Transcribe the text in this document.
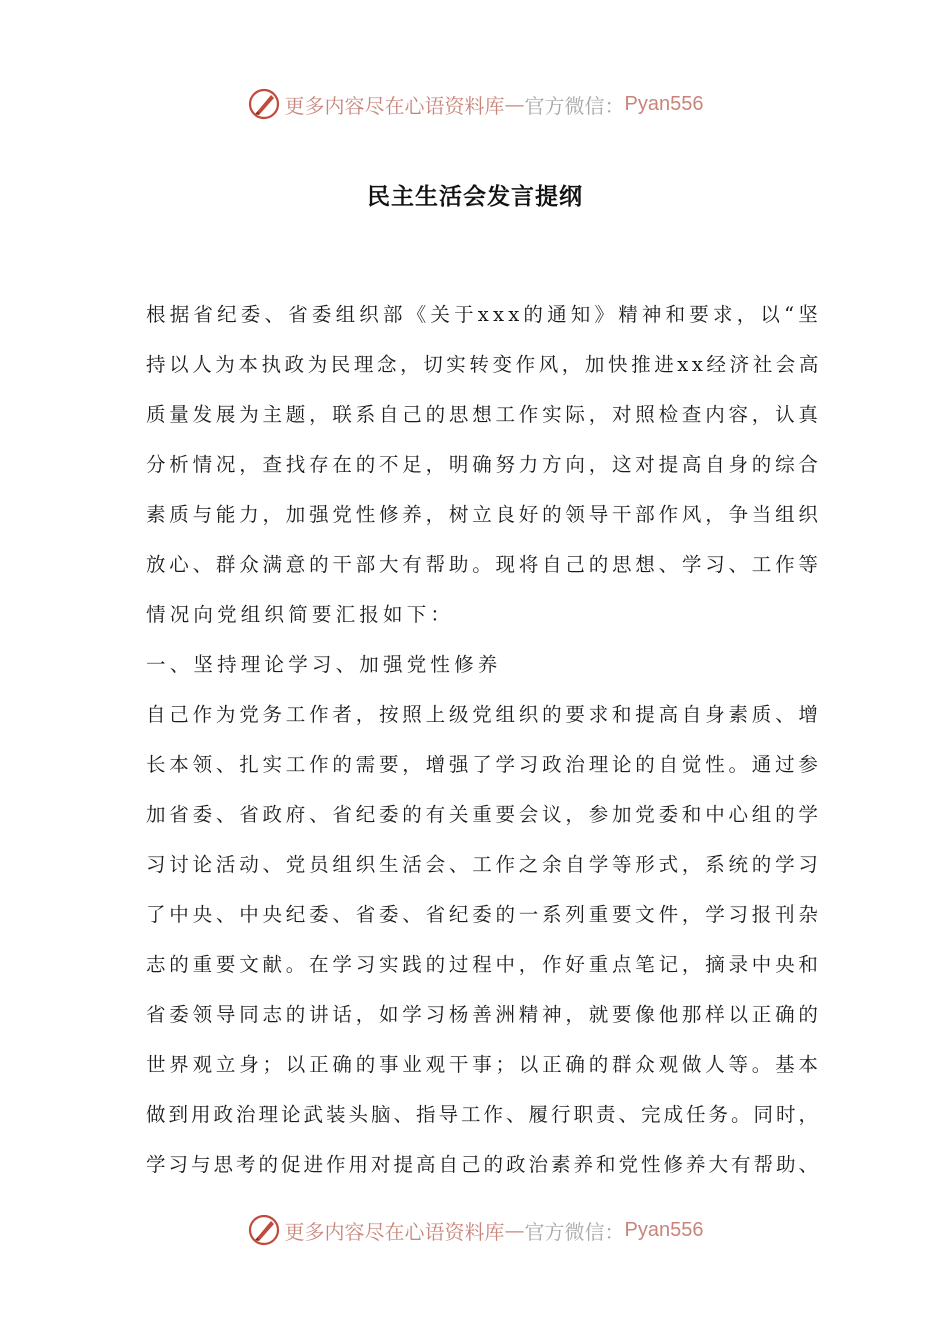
更多内容尽在心语资料库 — 官方微信： Pyan556
民主生活会发言提纲
根据省纪委、省委组织部《关于xxx的通知》精神和要求，以“坚
持以人为本执政为民理念，切实转变作风，加快推进xx经济社会高
质量发展为主题，联系自己的思想工作实际，对照检查内容，认真
分析情况，查找存在的不足，明确努力方向，这对提高自身的综合
素质与能力，加强党性修养，树立良好的领导干部作风，争当组织
放心、群众满意的干部大有帮助。现将自己的思想、学习、工作等
情况向党组织简要汇报如下：
一、坚持理论学习、加强党性修养
自己作为党务工作者，按照上级党组织的要求和提高自身素质、增
长本领、扎实工作的需要，增强了学习政治理论的自觉性。通过参
加省委、省政府、省纪委的有关重要会议，参加党委和中心组的学
习讨论活动、党员组织生活会、工作之余自学等形式，系统的学习
了中央、中央纪委、省委、省纪委的一系列重要文件，学习报刊杂
志的重要文献。在学习实践的过程中，作好重点笔记，摘录中央和
省委领导同志的讲话，如学习杨善洲精神，就要像他那样以正确的
世界观立身；以正确的事业观干事；以正确的群众观做人等。基本
做到用政治理论武装头脑、指导工作、履行职责、完成任务。同时，
学习与思考的促进作用对提高自己的政治素养和党性修养大有帮助、
更多内容尽在心语资料库 — 官方微信： Pyan556
